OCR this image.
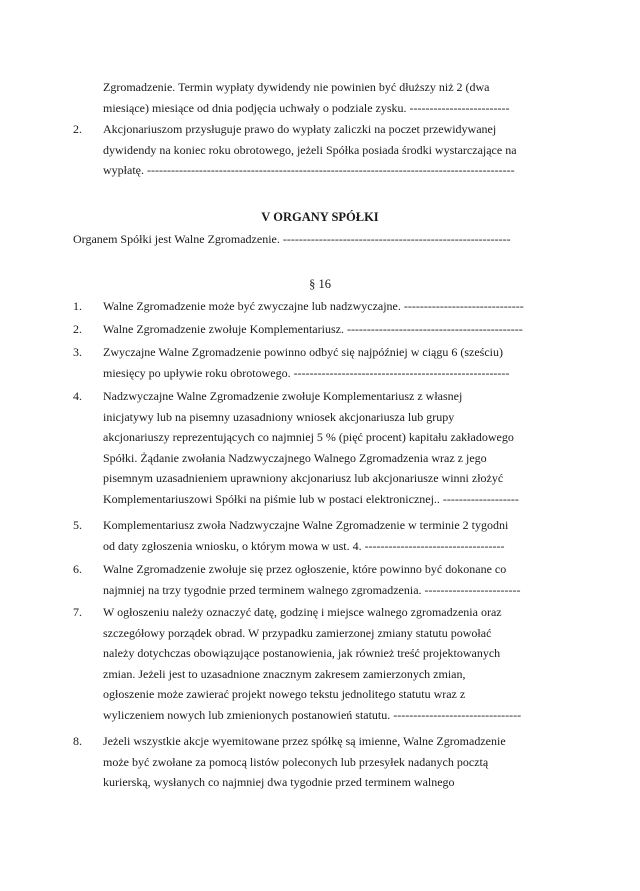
Zgromadzenie. Termin wypłaty dywidendy nie powinien być dłuższy niż 2 (dwa
miesiące) miesiące od dnia podjęcia uchwały o podziale zysku. -------------------------
2.	Akcjonariuszom przysługuje prawo do wypłaty zaliczki na poczet przewidywanej
dywidendy na koniec roku obrotowego, jeżeli Spółka posiada środki wystarczające na
wypłatę. --------------------------------------------------------------------------------------------
V ORGANY SPÓŁKI
Organem Spółki jest Walne Zgromadzenie. ---------------------------------------------------------
§ 16
1.	Walne Zgromadzenie może być zwyczajne lub nadzwyczajne. ------------------------------
2.	Walne Zgromadzenie zwołuje Komplementariusz. --------------------------------------------
3.	Zwyczajne Walne Zgromadzenie powinno odbyć się najpóźniej w ciągu 6 (sześciu)
miesięcy po upływie roku obrotowego. ------------------------------------------------------
4.	Nadzwyczajne Walne Zgromadzenie zwołuje Komplementariusz z własnej
inicjatywy lub na pisemny uzasadniony wniosek akcjonariusza lub grupy
akcjonariuszy reprezentujących co najmniej 5 % (pięć procent) kapitału zakładowego
Spółki. Żądanie zwołania Nadzwyczajnego Walnego Zgromadzenia wraz z jego
pisemnym uzasadnieniem uprawniony akcjonariusz lub akcjonariusze winni złożyć
Komplementariuszowi Spółki na piśmie lub w postaci elektronicznej.. -------------------
5.	Komplementariusz zwoła Nadzwyczajne Walne Zgromadzenie w terminie 2 tygodni
od daty zgłoszenia wniosku, o którym mowa w ust. 4. -----------------------------------
6.	Walne Zgromadzenie zwołuje się przez ogłoszenie, które powinno być dokonane co
najmniej na trzy tygodnie przed terminem walnego zgromadzenia. ------------------------
7.	W ogłoszeniu należy oznaczyć datę, godzinę i miejsce walnego zgromadzenia oraz
szczegółowy porządek obrad. W przypadku zamierzonej zmiany statutu powołać
należy dotychczas obowiązujące postanowienia, jak również treść projektowanych
zmian. Jeżeli jest to uzasadnione znacznym zakresem zamierzonych zmian,
ogłoszenie może zawierać projekt nowego tekstu jednolitego statutu wraz z
wyliczeniem nowych lub zmienionych postanowień statutu. --------------------------------
8.	Jeżeli wszystkie akcje wyemitowane przez spółkę są imienne, Walne Zgromadzenie
może być zwołane za pomocą listów poleconych lub przesyłek nadanych pocztą
kurierską, wysłanych co najmniej dwa tygodnie przed terminem walnego
